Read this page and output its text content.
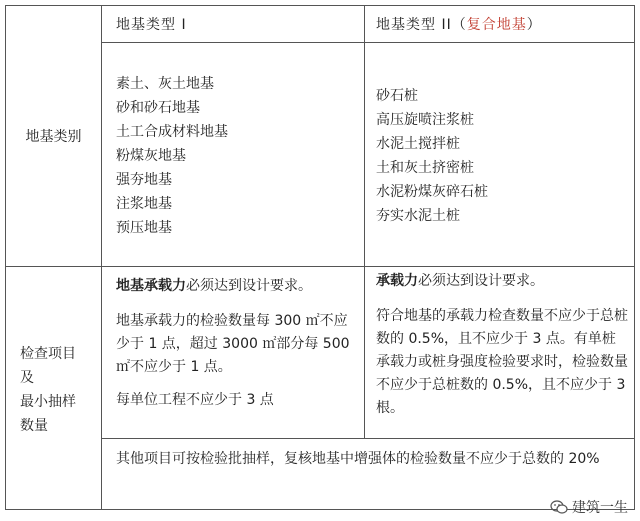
地基类型 I	地基类型 II（复合地基）
地基类别
素土、灰土地基
砂和砂石地基
土工合成材料地基
粉煤灰地基
强夯地基
注浆地基
预压地基
砂石桩
高压旋喷注浆桩
水泥土搅拌桩
土和灰土挤密桩
水泥粉煤灰碎石桩
夯实水泥土桩
检查项目
及
最小抽样
数量

地基承载力必须达到设计要求。

地基承载力的检验数量每 300 ㎡不应少于 1 点，超过 3000 ㎡部分每 500 ㎡不应少于 1 点。

每单位工程不应少于 3 点

承载力必须达到设计要求。

符合地基的承载力检查数量不应少于总桩数的 0.5%，且不应少于 3 点。有单桩承载力或桩身强度检验要求时，检验数量不应少于总桩数的 0.5%，且不应少于 3 根。

其他项目可按检验批抽样，复核地基中增强体的检验数量不应少于总数的 20%

建筑一生
